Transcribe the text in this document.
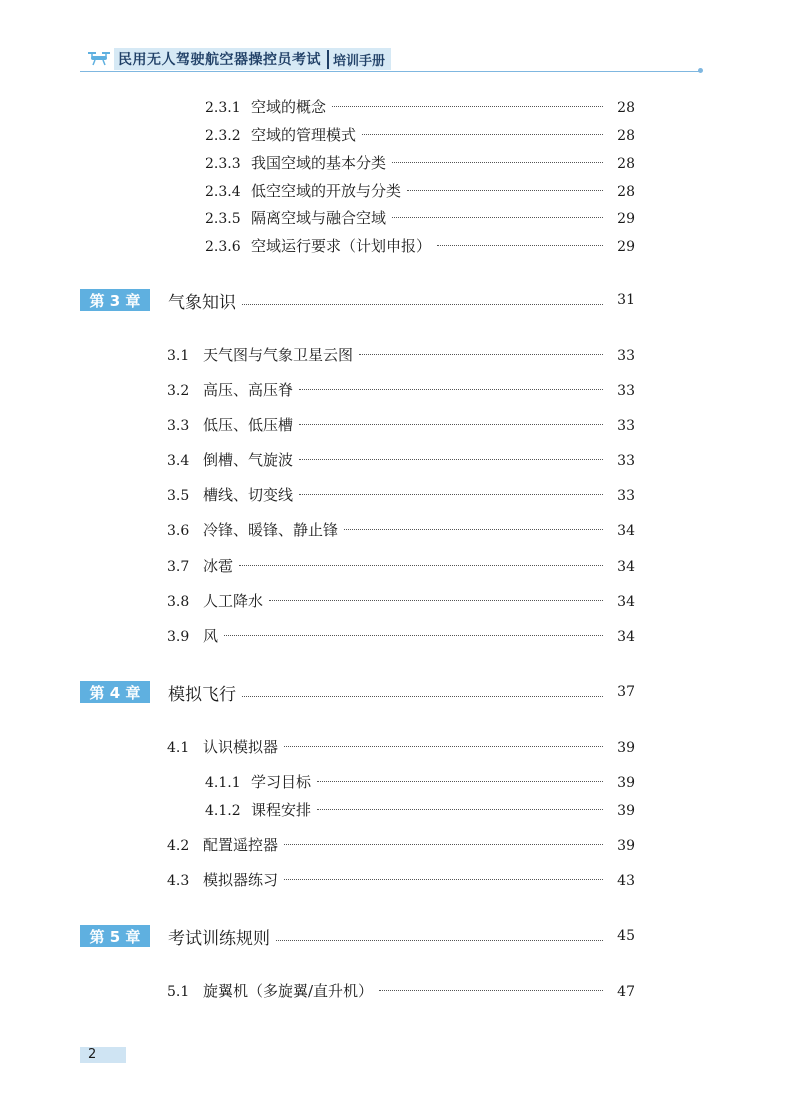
民用无人驾驶航空器操控员考试 培训手册
2.3.1 空域的概念	28
2.3.2 空域的管理模式	28
2.3.3 我国空域的基本分类	28
2.3.4 低空空域的开放与分类	28
2.3.5 隔离空域与融合空域	29
2.3.6 空域运行要求（计划申报）	29
第 3 章	气象知识	31
3.1 天气图与气象卫星云图	33
3.2 高压、高压脊	33
3.3 低压、低压槽	33
3.4 倒槽、气旋波	33
3.5 槽线、切变线	33
3.6 冷锋、暖锋、静止锋	34
3.7 冰雹	34
3.8 人工降水	34
3.9 风	34
第 4 章	模拟飞行	37
4.1 认识模拟器	39
4.1.1 学习目标	39
4.1.2 课程安排	39
4.2 配置遥控器	39
4.3 模拟器练习	43
第 5 章	考试训练规则	45
5.1 旋翼机（多旋翼/直升机）	47
2
